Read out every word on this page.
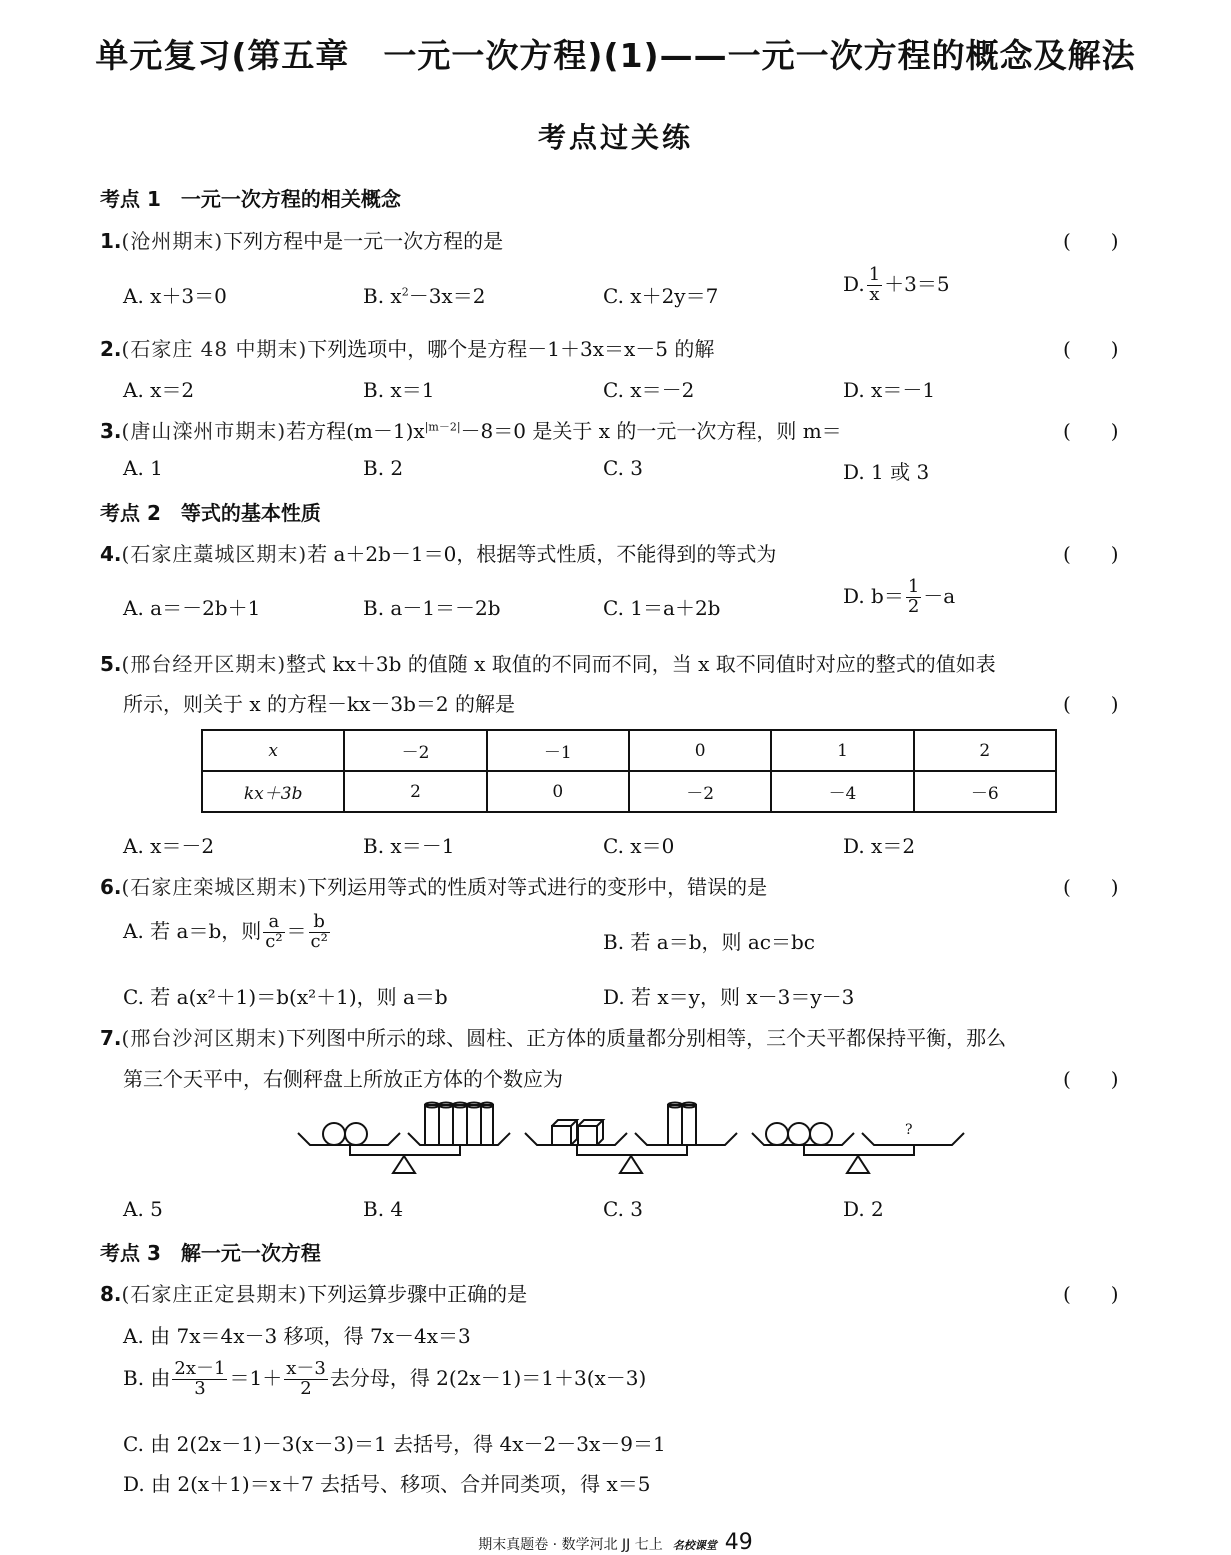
单元复习(第五章　一元一次方程)(1)——一元一次方程的概念及解法
考点过关练
考点 1　一元一次方程的相关概念
1.(沧州期末)下列方程中是一元一次方程的是	(　　)
A. x＋3＝0	B. $x^2-3x=2$	C. x＋2y＝7
D. $\frac{1}{x} +3=5$
2.(石家庄 48 中期末)下列选项中，哪个是方程－1＋3x＝x－5 的解	(　　)
A. x＝2	B. x＝1	C. x＝－2	D. x＝－1
3.(唐山滦州市期末)若方程$(m-1)x^{|m-2|}-8=0$ 是关于 x 的一元一次方程，则 m＝	(　　)
A. 1	B. 2	C. 3	D. 1 或 3
考点 2　等式的基本性质
4.(石家庄藁城区期末)若 a＋2b－1＝0，根据等式性质，不能得到的等式为	(　　)
A. a＝－2b＋1	B. a－1＝－2b	C. 1＝a＋2b
D. $b= \frac{1}{2} -a$
5.(邢台经开区期末)整式 kx＋3b 的值随 x 取值的不同而不同，当 x 取不同值时对应的整式的值如表
所示，则关于 x 的方程－kx－3b＝2 的解是	(　　)
x	－2	－1	0	1	2
kx＋3b	2	0	－2	－4	－6
A. x＝－2	B. x＝－1	C. x＝0	D. x＝2
6.(石家庄栾城区期末)下列运用等式的性质对等式进行的变形中，错误的是	(　　)
A. 若 a＝b，则 $\frac{a}{\text{c²}} = \frac{b}{\text{c²}}$	B. 若 a＝b，则 ac＝bc
C. 若 a(x²＋1)＝b(x²＋1)，则 a＝b	D. 若 x＝y，则 x－3＝y－3
7.(邢台沙河区期末)下列图中所示的球、圆柱、正方体的质量都分别相等，三个天平都保持平衡，那么
第三个天平中，右侧秤盘上所放正方体的个数应为	(　　)
?
A. 5	B. 4	C. 3	D. 2
考点 3　解一元一次方程
8.(石家庄正定县期末)下列运算步骤中正确的是	(　　)
A. 由 7x＝4x－3 移项，得 7x－4x＝3
B. 由 $\frac{2x-1}{3} =1+ \frac{x-3}{2}$ 去分母，得 2(2x－1)＝1＋3(x－3)
C. 由 2(2x－1)－3(x－3)＝1 去括号，得 4x－2－3x－9＝1
D. 由 2(x＋1)＝x＋7 去括号、移项、合并同类项，得 x＝5
期末真题卷 · 数学河北 JJ 七上 名校课堂 49
